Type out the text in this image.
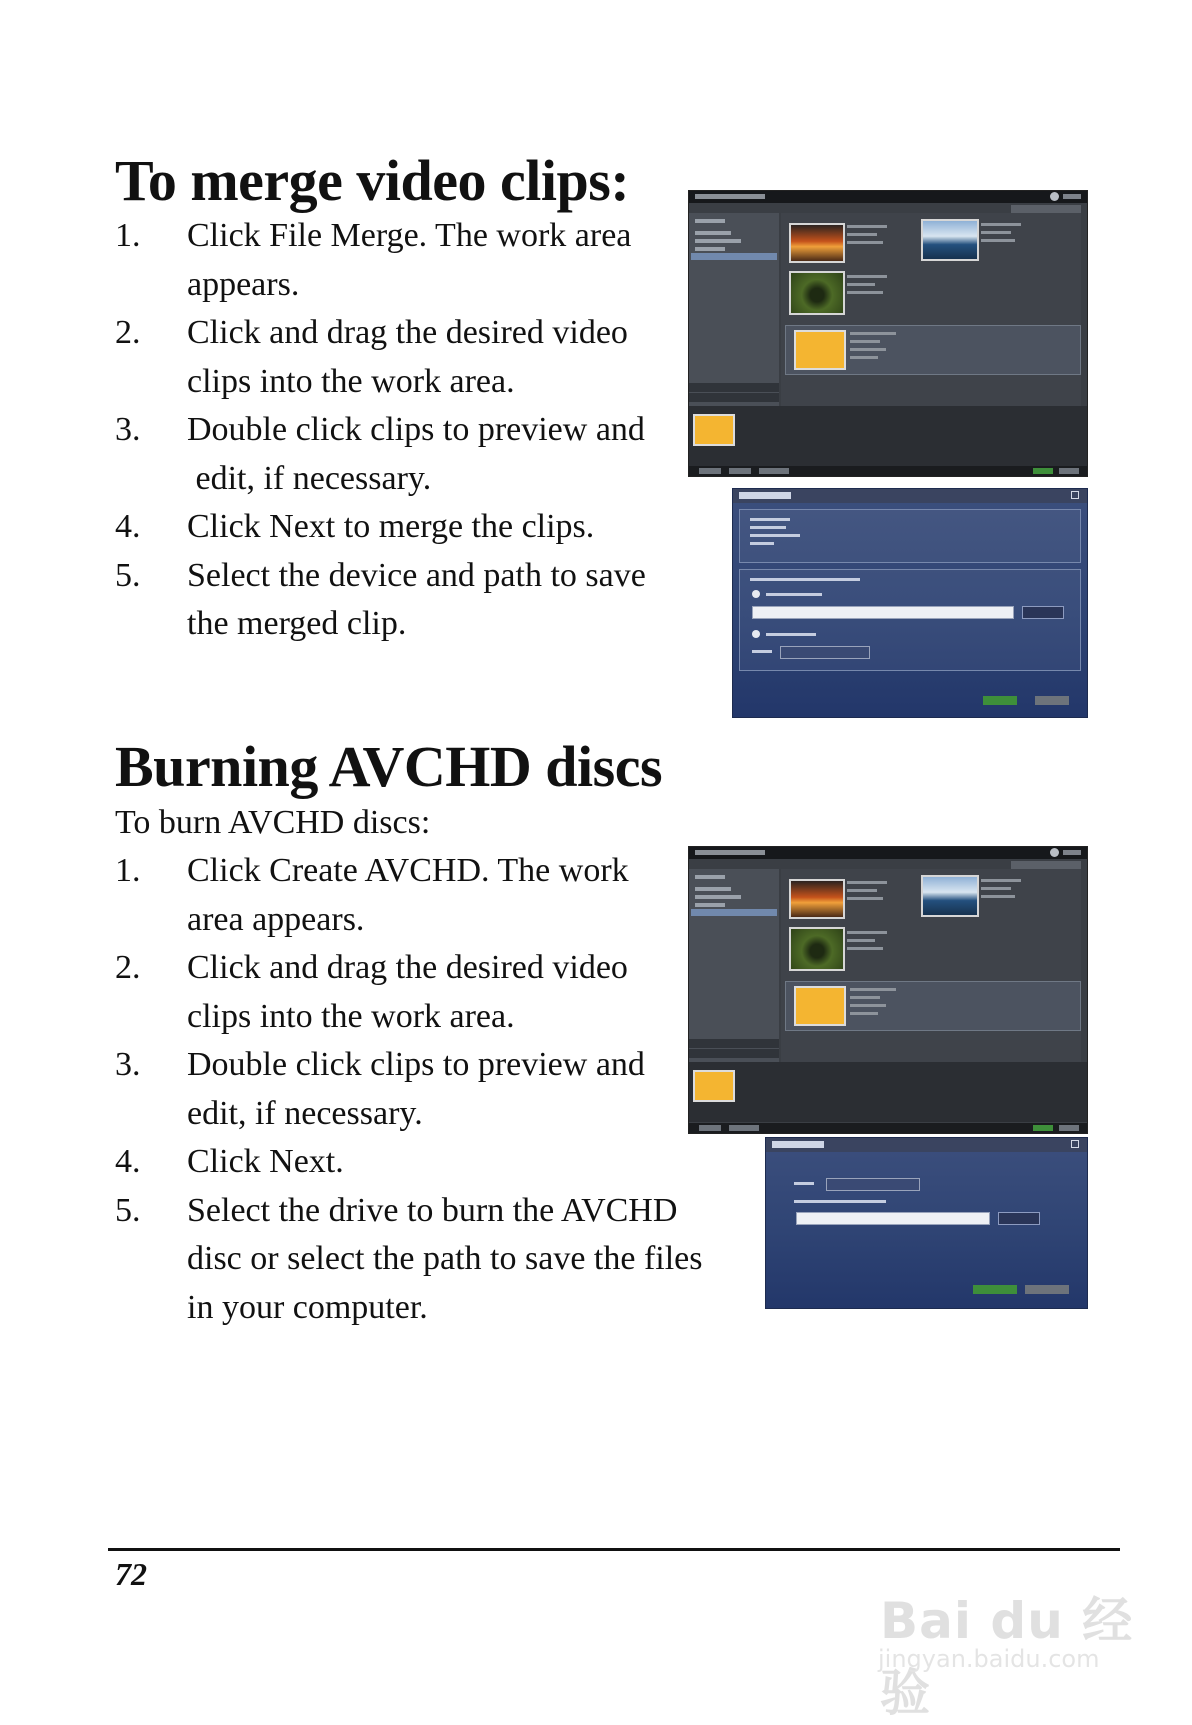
To merge video clips:
1. Click File Merge. The work area
appears.
2. Click and drag the desired video
clips into the work area.
3. Double click clips to preview and
edit, if necessary.
4. Click Next to merge the clips.
5. Select the device and path to save
the merged clip.
Burning AVCHD discs
To burn AVCHD discs:
1. Click Create AVCHD. The work
area appears.
2. Click and drag the desired video
clips into the work area.
3. Double click clips to preview and
edit, if necessary.
4. Click Next.
5. Select the drive to burn the AVCHD
disc or select the path to save the files
in your computer.
72
Bai du 经验
jingyan.baidu.com
